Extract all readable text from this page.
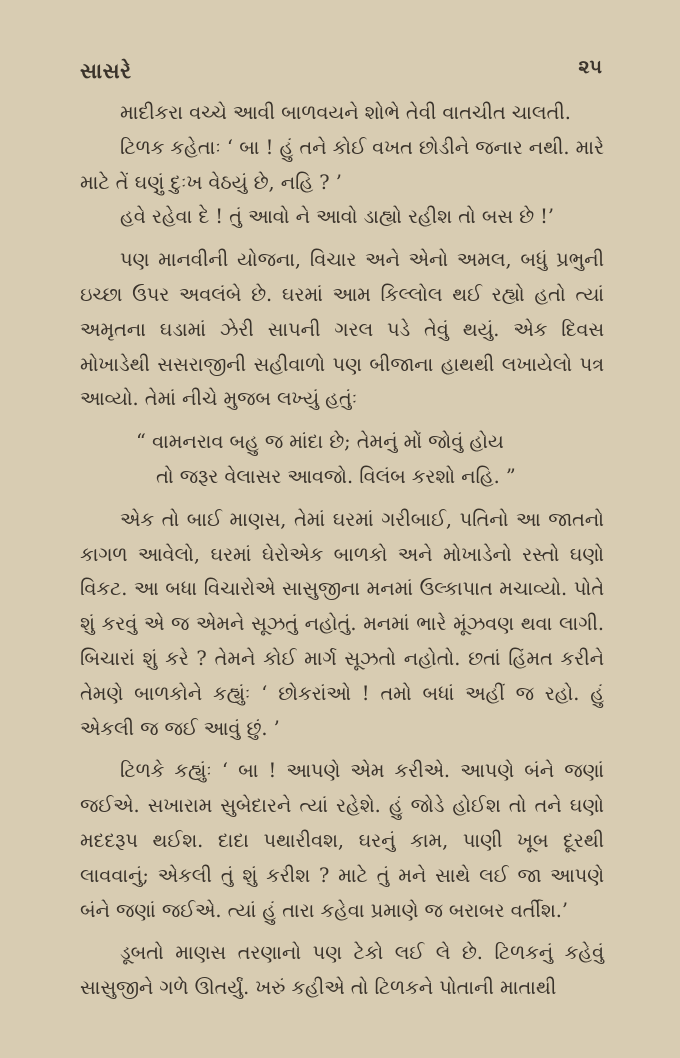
સાસરે	૨૫

માદીકરા વચ્ચે આવી બાળવયને શોભે તેવી વાતચીત ચાલતી.

ટિળક કહેતાઃ ‘ બા ! હું તને કોઈ વખત છોડીને જનાર નથી. મારે માટે તેં ઘણું દુઃખ વેઠયું છે, નહિ ? ’

હવે રહેવા દે ! તું આવો ને આવો ડાહ્યો રહીશ તો બસ છે !’

પણ માનવીની યોજના, વિચાર અને એનો અમલ, બધું પ્રભુની ઇચ્છા ઉપર અવલંબે છે. ઘરમાં આમ કિલ્લોલ થઈ રહ્યો હતો ત્યાં અમૃતના ઘડામાં ઝેરી સાપની ગરલ પડે તેવું થયું. એક દિવસ મોખાડેથી સસરાજીની સહીવાળો પણ બીજાના હાથથી લખાયેલો પત્ર આવ્યો. તેમાં નીચે મુજબ લખ્યું હતુંઃ

“ વામનરાવ બહુ જ માંદા છે; તેમનું મોં જોવું હોય
તો જરૂર વેલાસર આવજો. વિલંબ કરશો નહિ. ”

એક તો બાઈ માણસ, તેમાં ઘરમાં ગરીબાઈ, પતિનો આ જાતનો કાગળ આવેલો, ઘરમાં ઘેરોએક બાળકો અને મોખાડેનો રસ્તો ઘણો વિકટ. આ બધા વિચારોએ સાસુજીના મનમાં ઉલ્કાપાત મચાવ્યો. પોતે શું કરવું એ જ એમને સૂઝતું નહોતું. મનમાં ભારે મૂંઝવણ થવા લાગી. બિચારાં શું કરે ? તેમને કોઈ માર્ગ સૂઝતો નહોતો. છતાં હિંમત કરીને તેમણે બાળકોને કહ્યુંઃ ‘ છોકરાંઓ ! તમો બધાં અહીં જ રહો. હું એકલી જ જઈ આવું છું. ’

ટિળકે કહ્યુંઃ ‘ બા ! આપણે એમ કરીએ. આપણે બંને જણાં જઈએ. સખારામ સુબેદારને ત્યાં રહેશે. હું જોડે હોઈશ તો તને ઘણો મદદરૂપ થઈશ. દાદા પથારીવશ, ઘરનું કામ, પાણી ખૂબ દૂરથી લાવવાનું; એકલી તું શું કરીશ ? માટે તું મને સાથે લઈ જા આપણે બંને જણાં જઈએ. ત્યાં હું તારા કહેવા પ્રમાણે જ બરાબર વર્તીશ.’

ડૂબતો માણસ તરણાનો પણ ટેકો લઈ લે છે. ટિળકનું કહેવું સાસુજીને ગળે ઊતર્યું. ખરું કહીએ તો ટિળકને પોતાની માતાથી
